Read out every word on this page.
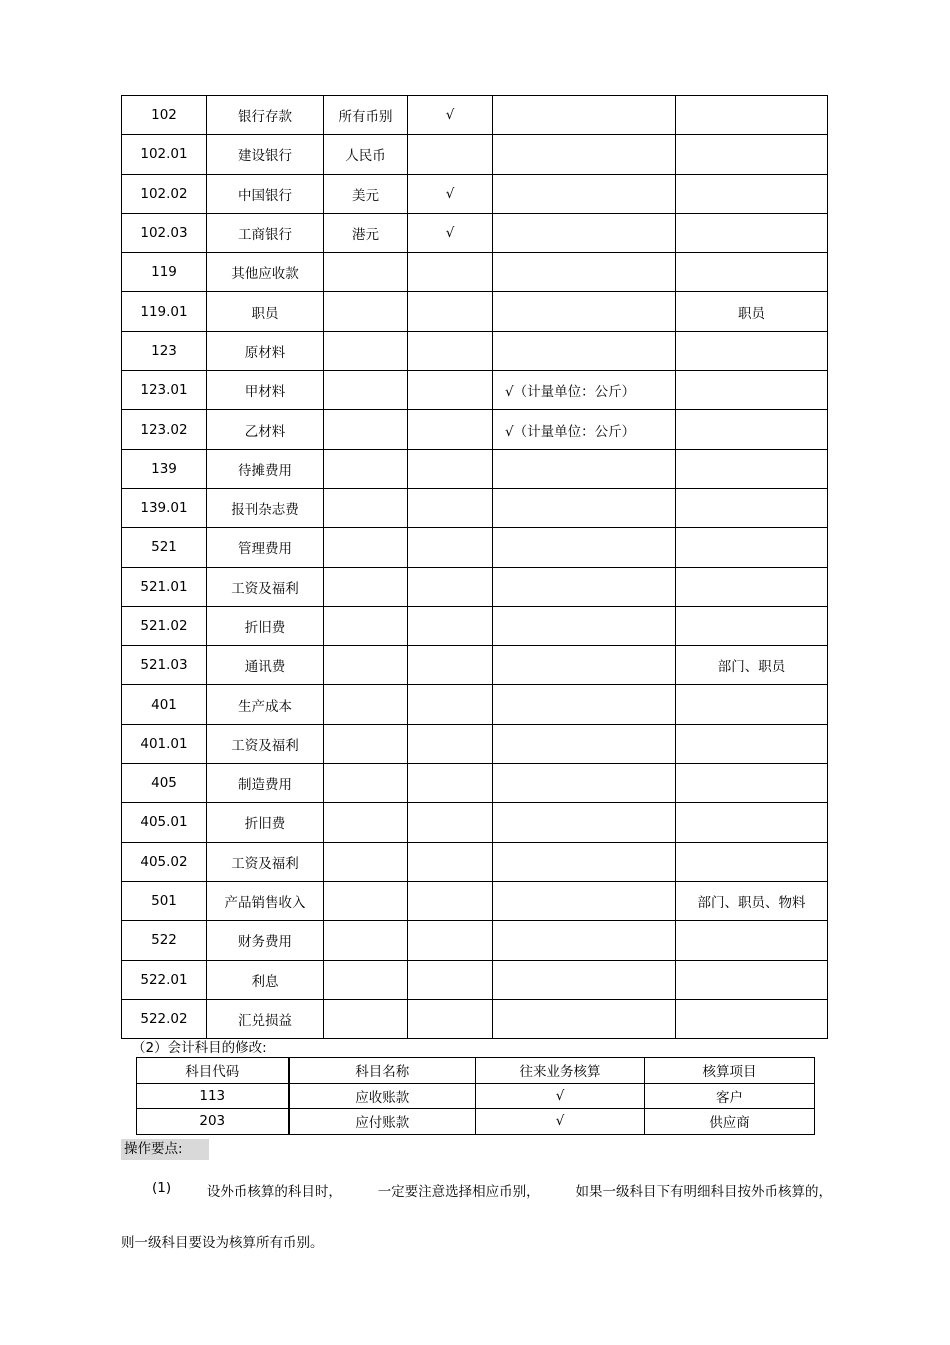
102	银行存款	所有币别	√		
102.01	建设银行	人民币			
102.02	中国银行	美元	√		
102.03	工商银行	港元	√		
119	其他应收款				
119.01	职员				职员
123	原材料				
123.01	甲材料			√（计量单位：公斤）	
123.02	乙材料			√（计量单位：公斤）	
139	待摊费用				
139.01	报刊杂志费				
521	管理费用				
521.01	工资及福利				
521.02	折旧费				
521.03	通讯费				部门、职员
401	生产成本				
401.01	工资及福利				
405	制造费用				
405.01	折旧费				
405.02	工资及福利				
501	产品销售收入				部门、职员、物料
522	财务费用				
522.01	利息				
522.02	汇兑损益				
（2）会计科目的修改:
科目代码	科目名称	往来业务核算	核算项目
113	应收账款	√	客户
203	应付账款	√	供应商
操作要点:
(1)	设外币核算的科目时，	一定要注意选择相应币别，	如果一级科目下有明细科目按外币核算的，
则一级科目要设为核算所有币别。
